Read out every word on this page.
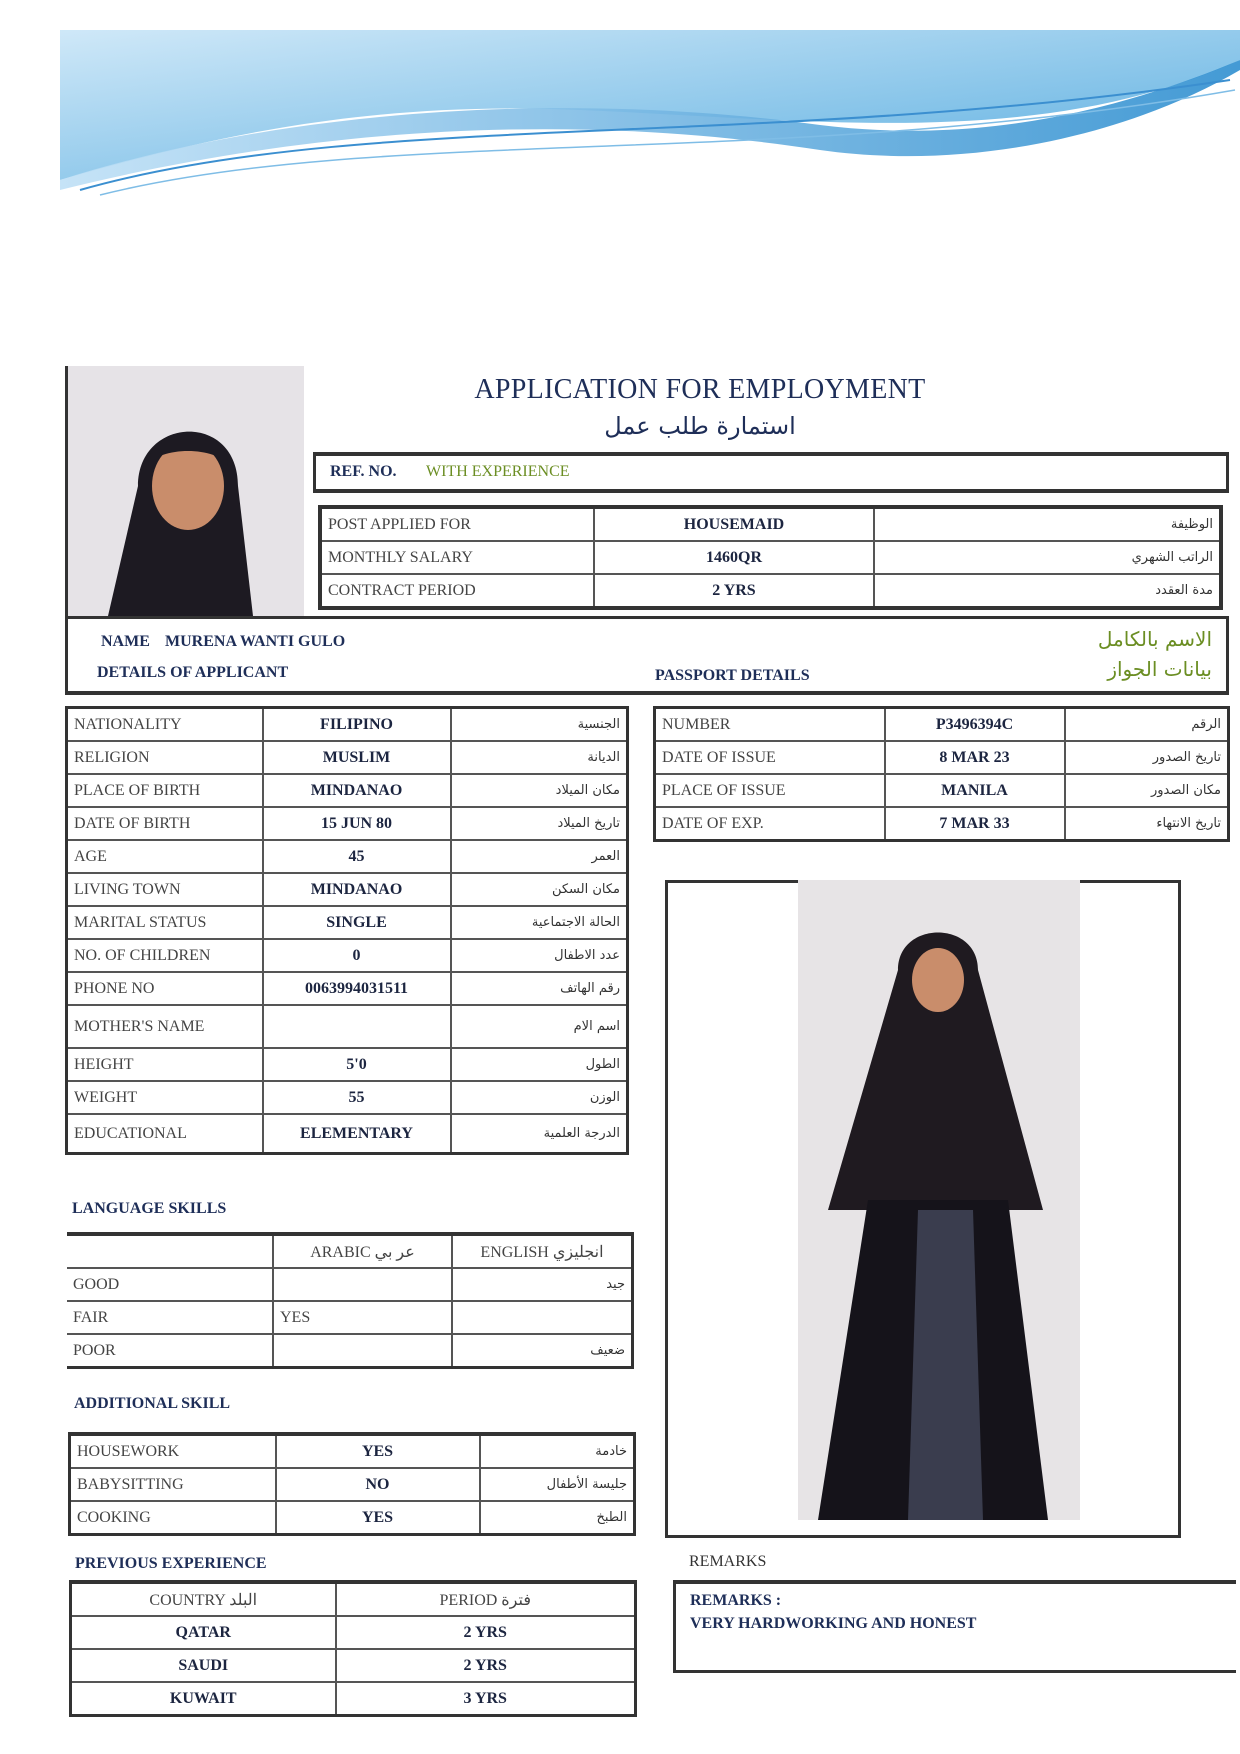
APPLICATION FOR EMPLOYMENT
استمارة طلب عمل
REF. NO. WITH EXPERIENCE
POST APPLIED FOR	HOUSEMAID	الوظيفة
MONTHLY SALARY	1460QR	الراتب الشهري
CONTRACT PERIOD	2 YRS	مدة العقدد
NAME MURENA WANTI GULO	الاسم بالكامل
DETAILS OF APPLICANT	PASSPORT DETAILS	بيانات الجواز
NATIONALITY	FILIPINO	الجنسية
RELIGION	MUSLIM	الديانة
PLACE OF BIRTH	MINDANAO	مكان الميلاد
DATE OF BIRTH	15 JUN 80	تاريخ الميلاد
AGE	45	العمر
LIVING TOWN	MINDANAO	مكان السكن
MARITAL STATUS	SINGLE	الحالة الاجتماعية
NO. OF CHILDREN	0	عدد الاطفال
PHONE NO	0063994031511	رقم الهاتف
MOTHER'S NAME		اسم الام
HEIGHT	5'0	الطول
WEIGHT	55	الوزن
EDUCATIONAL	ELEMENTARY	الدرجة العلمية
NUMBER	P3496394C	الرقم
DATE OF ISSUE	8 MAR 23	تاريخ الصدور
PLACE OF ISSUE	MANILA	مكان الصدور
DATE OF EXP.	7 MAR 33	تاريخ الانتهاء
LANGUAGE SKILLS
	ARABIC عر بي	ENGLISH انجليزي
GOOD		جيد
FAIR	YES	
POOR		ضعيف
ADDITIONAL SKILL
HOUSEWORK	YES	خادمة
BABYSITTING	NO	جليسة الأطفال
COOKING	YES	الطبخ
PREVIOUS EXPERIENCE
COUNTRY البلد	PERIOD فترة
QATAR	2 YRS
SAUDI	2 YRS
KUWAIT	3 YRS
REMARKS
REMARKS :
VERY HARDWORKING AND HONEST
